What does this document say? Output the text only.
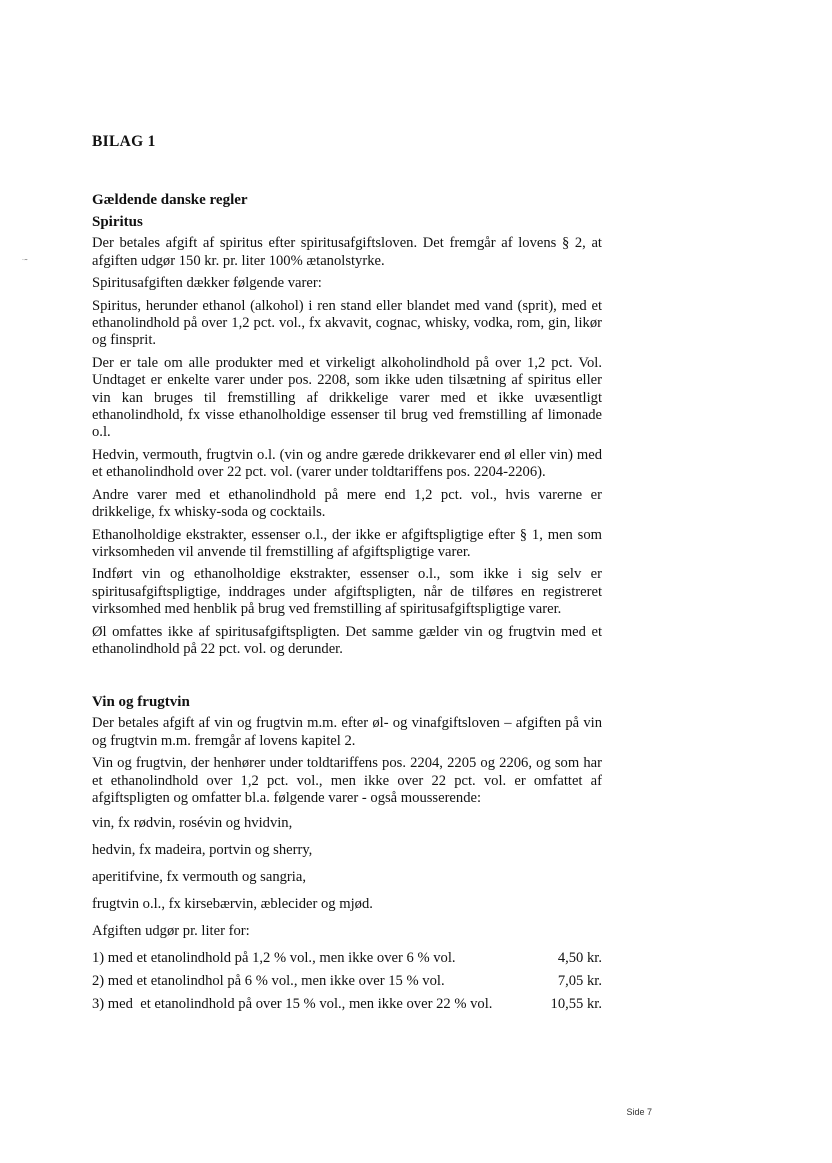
˙˜
BILAG 1
Gældende danske regler
Spiritus

Der betales afgift af spiritus efter spiritusafgiftsloven. Det fremgår af lovens § 2, at afgiften udgør 150 kr. pr. liter 100% ætanolstyrke.

Spiritusafgiften dækker følgende varer:

Spiritus, herunder ethanol (alkohol) i ren stand eller blandet med vand (sprit), med et ethanolindhold på over 1,2 pct. vol., fx akvavit, cognac, whisky, vodka, rom, gin, likør og finsprit.

Der er tale om alle produkter med et virkeligt alkoholindhold på over 1,2 pct. Vol. Undtaget er enkelte varer under pos. 2208, som ikke uden tilsætning af spiritus eller vin kan bruges til fremstilling af drikkelige varer med et ikke uvæsentligt ethanolindhold, fx visse ethanolholdige essenser til brug ved fremstilling af limonade o.l.

Hedvin, vermouth, frugtvin o.l. (vin og andre gærede drikkevarer end øl eller vin) med et ethanolindhold over 22 pct. vol. (varer under toldtariffens pos. 2204-2206).

Andre varer med et ethanolindhold på mere end 1,2 pct. vol., hvis varerne er drikkelige, fx whisky-soda og cocktails.

Ethanolholdige ekstrakter, essenser o.l., der ikke er afgiftspligtige efter § 1, men som virksomheden vil anvende til fremstilling af afgiftspligtige varer.

Indført vin og ethanolholdige ekstrakter, essenser o.l., som ikke i sig selv er spiritusafgiftspligtige, inddrages under afgiftspligten, når de tilføres en registreret virksomhed med henblik på brug ved fremstilling af spiritusafgiftspligtige varer.

Øl omfattes ikke af spiritusafgiftspligten. Det samme gælder vin og frugtvin med et ethanolindhold på 22 pct. vol. og derunder.

Vin og frugtvin

Der betales afgift af vin og frugtvin m.m. efter øl- og vinafgiftsloven – afgiften på vin og frugtvin m.m. fremgår af lovens kapitel 2.

Vin og frugtvin, der henhører under toldtariffens pos. 2204, 2205 og 2206, og som har et ethanolindhold over 1,2 pct. vol., men ikke over 22 pct. vol. er omfattet af afgiftspligten og omfatter bl.a. følgende varer - også mousserende:

vin, fx rødvin, rosévin og hvidvin,
hedvin, fx madeira, portvin og sherry,
aperitifvine, fx vermouth og sangria,
frugtvin o.l., fx kirsebærvin, æblecider og mjød.
Afgiften udgør pr. liter for:
1) med et etanolindhold på 1,2 % vol., men ikke over 6 % vol.	4,50 kr.
2) med et etanolindhol på 6 % vol., men ikke over 15 % vol.	7,05 kr.
3) med  et etanolindhold på over 15 % vol., men ikke over 22 % vol.	10,55 kr.
Side 7
